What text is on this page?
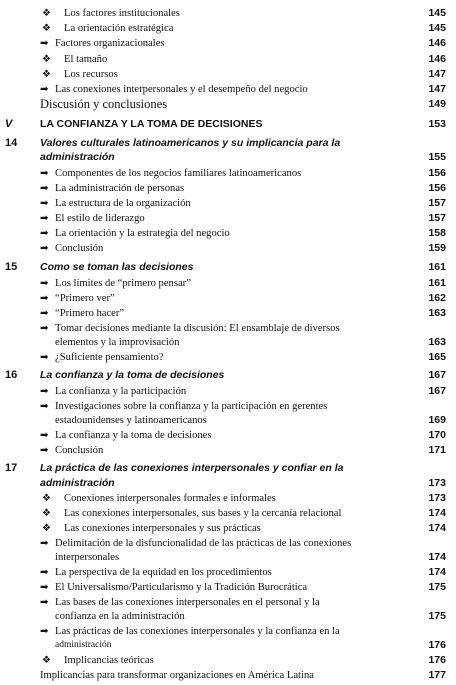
❖ Los factores institucionales	145
❖ La orientación estratégica	145
➡ Factores organizacionales	146
❖ El tamaño	146
❖ Los recursos	147
➡ Las conexiones interpersonales y el desempeño del negocio	147
Discusión y conclusiones	149
V	LA CONFIANZA Y LA TOMA DE DECISIONES	153
14 Valores culturales latinoamericanos y su implicancia para la
administración	155
➡ Componentes de los negocios familiares latinoamericanos	156
➡ La administración de personas	156
➡ La estructura de la organización	157
➡ El estilo de liderazgo	157
➡ La orientación y la estrategia del negocio	158
➡ Conclusión	159
15 Como se toman las decisiones	161
➡ Los límites de “primero pensar”	161
➡ “Primero ver”	162
➡ “Primero hacer”	163
➡ Tomar decisiones mediante la discusión: El ensamblaje de diversos
elementos y la improvisación	163
➡ ¿Suficiente pensamiento?	165
16 La confianza y la toma de decisiones	167
➡ La confianza y la participación	167
➡ Investigaciones sobre la confianza y la participación en gerentes
estadounidenses y latinoamericanos	169
➡ La confianza y la toma de decisiones	170
➡ Conclusión	171
17 La práctica de las conexiones interpersonales y confiar en la
administración	173
❖ Conexiones interpersonales formales e informales	173
❖ Las conexiones interpersonales, sus bases y la cercanía relacional	174
❖ Las conexiones interpersonales y sus prácticas	174
➡ Delimitación de la disfuncionalidad de las prácticas de las conexiones
interpersonales	174
➡ La perspectiva de la equidad en los procedimientos	174
➡ El Universalismo/Particularismo y la Tradición Burocrática	175
➡ Las bases de las conexiones interpersonales en el personal y la
confianza en la administración	175
➡ Las prácticas de las conexiones interpersonales y la confianza en la
administración	176
❖ Implicancias teóricas	176
Implicancias para transformar organizaciones en América Latina	177
